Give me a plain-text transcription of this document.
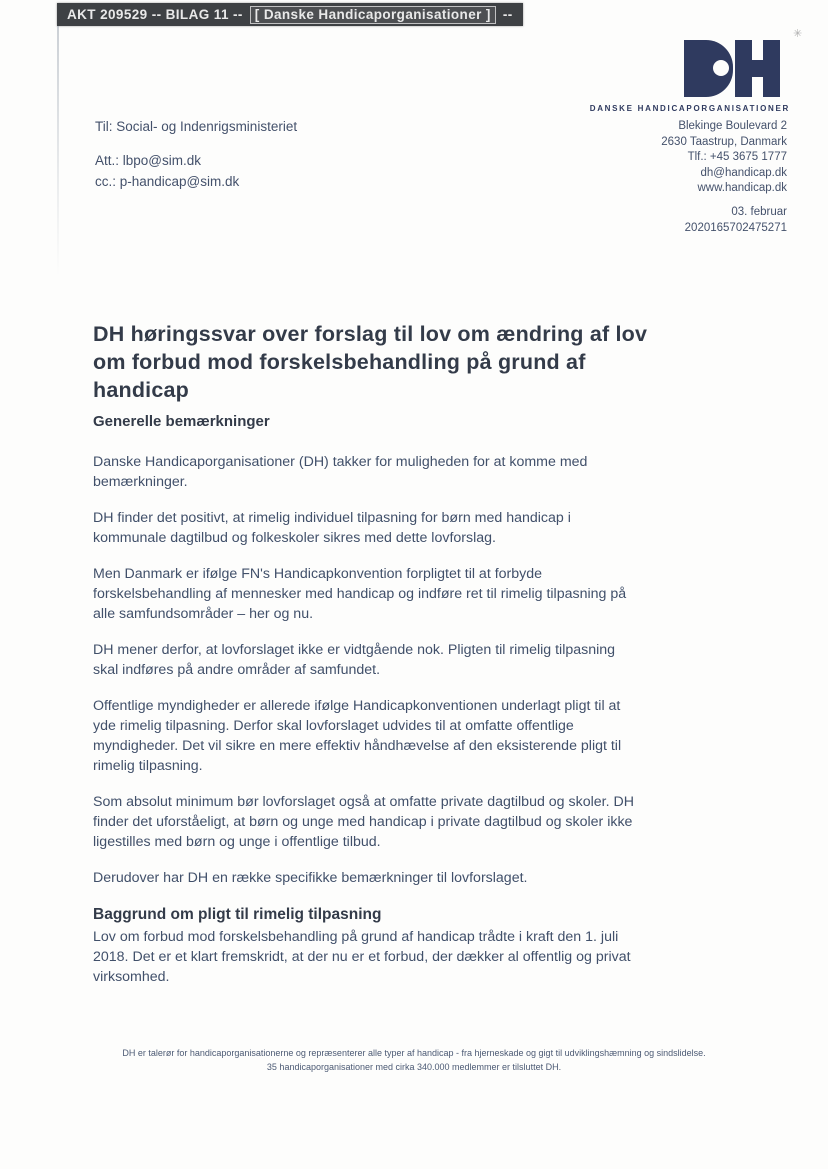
AKT 209529 -- BILAG 11 -- [ Danske Handicaporganisationer ] --
✳
DANSKE HANDICAPORGANISATIONER
Til: Social- og Indenrigsministeriet
Att.: lbpo@sim.dk
cc.: p-handicap@sim.dk
Blekinge Boulevard 2
2630 Taastrup, Danmark
Tlf.: +45 3675 1777
dh@handicap.dk
www.handicap.dk
03. februar
2020165702475271
DH høringssvar over forslag til lov om ændring af lov
om forbud mod forskelsbehandling på grund af
handicap
Generelle bemærkninger

Danske Handicaporganisationer (DH) takker for muligheden for at komme med bemærkninger.

DH finder det positivt, at rimelig individuel tilpasning for børn med handicap i kommunale dagtilbud og folkeskoler sikres med dette lovforslag.

Men Danmark er ifølge FN's Handicapkonvention forpligtet til at forbyde forskelsbehandling af mennesker med handicap og indføre ret til rimelig tilpasning på alle samfundsområder – her og nu.

DH mener derfor, at lovforslaget ikke er vidtgående nok. Pligten til rimelig tilpasning skal indføres på andre områder af samfundet.

Offentlige myndigheder er allerede ifølge Handicapkonventionen underlagt pligt til at yde rimelig tilpasning. Derfor skal lovforslaget udvides til at omfatte offentlige myndigheder. Det vil sikre en mere effektiv håndhævelse af den eksisterende pligt til rimelig tilpasning.

Som absolut minimum bør lovforslaget også at omfatte private dagtilbud og skoler. DH finder det uforståeligt, at børn og unge med handicap i private dagtilbud og skoler ikke ligestilles med børn og unge i offentlige tilbud.

Derudover har DH en række specifikke bemærkninger til lovforslaget.

Baggrund om pligt til rimelig tilpasning

Lov om forbud mod forskelsbehandling på grund af handicap trådte i kraft den 1. juli 2018. Det er et klart fremskridt, at der nu er et forbud, der dækker al offentlig og privat virksomhed.

DH er talerør for handicaporganisationerne og repræsenterer alle typer af handicap - fra hjerneskade og gigt til udviklingshæmning og sindslidelse.
35 handicaporganisationer med cirka 340.000 medlemmer er tilsluttet DH.
